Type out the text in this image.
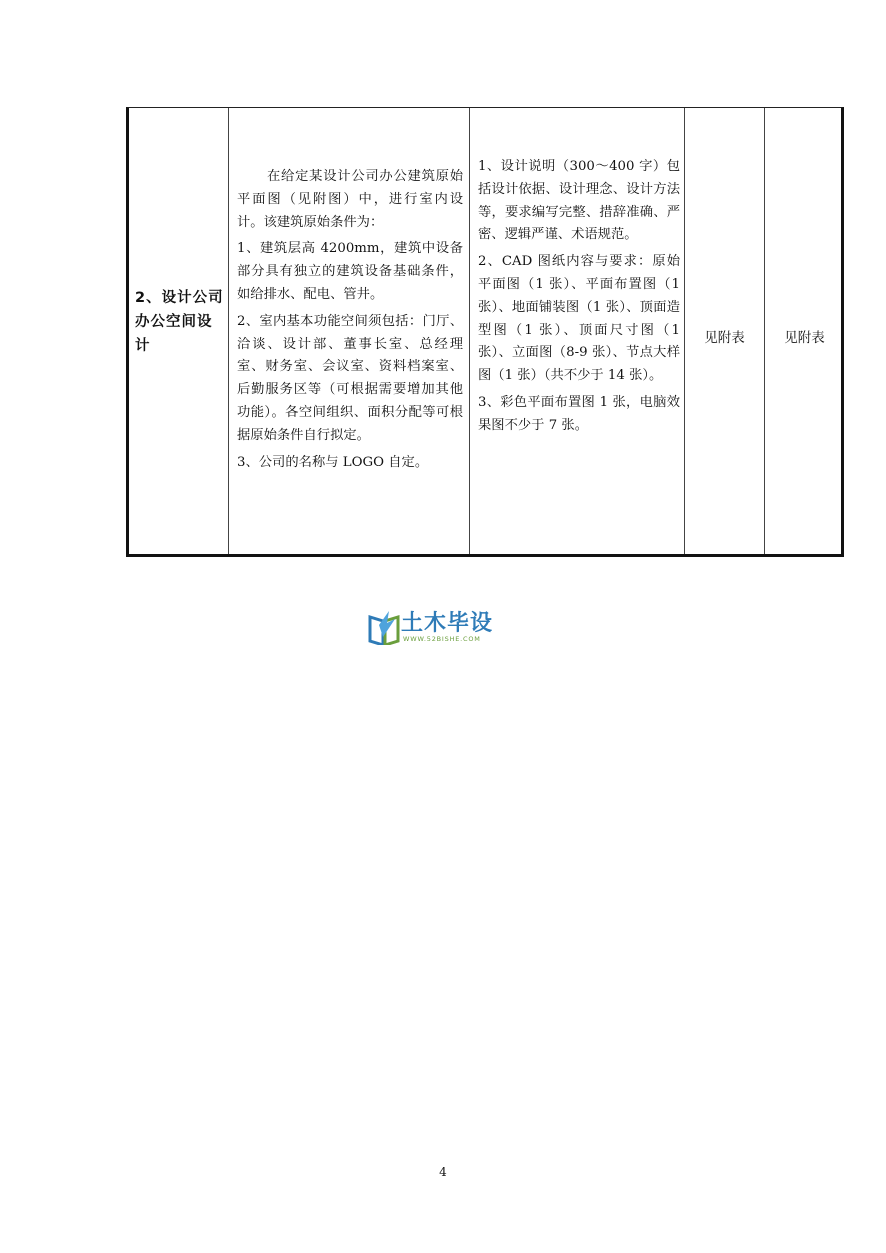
2、设计公司办公空间设计

在给定某设计公司办公建筑原始平面图（见附图）中，进行室内设计。该建筑原始条件为：

1、建筑层高 4200mm，建筑中设备部分具有独立的建筑设备基础条件，如给排水、配电、管井。

2、室内基本功能空间须包括：门厅、洽谈、设计部、董事长室、总经理室、财务室、会议室、资料档案室、后勤服务区等（可根据需要增加其他功能）。各空间组织、面积分配等可根据原始条件自行拟定。

3、公司的名称与 LOGO 自定。

1、设计说明（300～400 字）包括设计依据、设计理念、设计方法等，要求编写完整、措辞准确、严密、逻辑严谨、术语规范。

2、CAD 图纸内容与要求：原始平面图（1 张）、平面布置图（1 张）、地面铺装图（1 张）、顶面造型图（1 张）、顶面尺寸图（1 张）、立面图（8-9 张）、节点大样图（1 张）（共不少于 14 张）。

3、彩色平面布置图 1 张，电脑效果图不少于 7 张。

见附表	见附表
土木毕设
WWW.52BISHE.COM
4
